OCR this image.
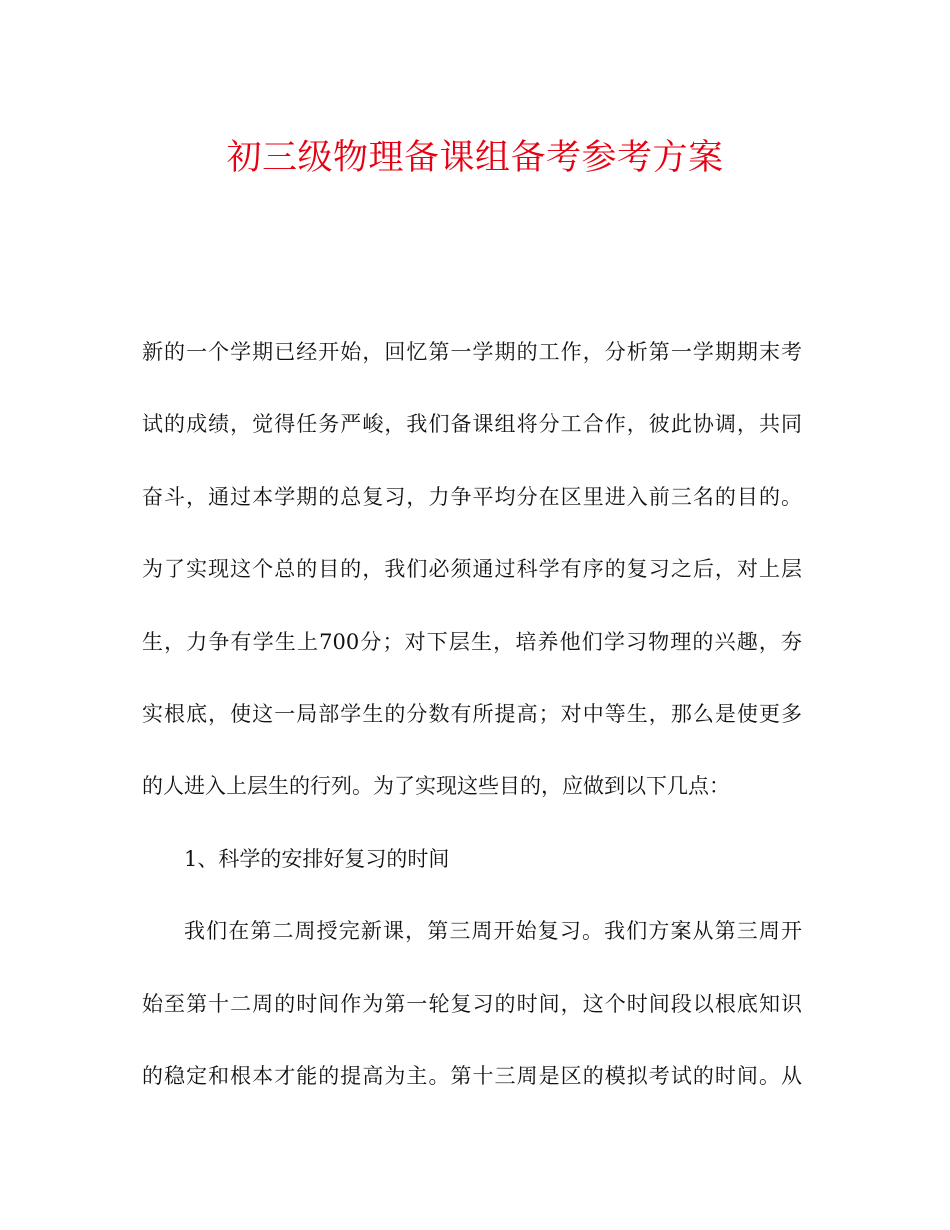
初三级物理备课组备考参考方案
新的一个学期已经开始，回忆第一学期的工作，分析第一学期期末考
试的成绩，觉得任务严峻，我们备课组将分工合作，彼此协调，共同
奋斗，通过本学期的总复习，力争平均分在区里进入前三名的目的。
为了实现这个总的目的，我们必须通过科学有序的复习之后，对上层
生，力争有学生上700分；对下层生，培养他们学习物理的兴趣，夯
实根底，使这一局部学生的分数有所提高；对中等生，那么是使更多
的人进入上层生的行列。为了实现这些目的，应做到以下几点：
1、科学的安排好复习的时间
我们在第二周授完新课，第三周开始复习。我们方案从第三周开
始至第十二周的时间作为第一轮复习的时间，这个时间段以根底知识
的稳定和根本才能的提高为主。第十三周是区的模拟考试的时间。从
